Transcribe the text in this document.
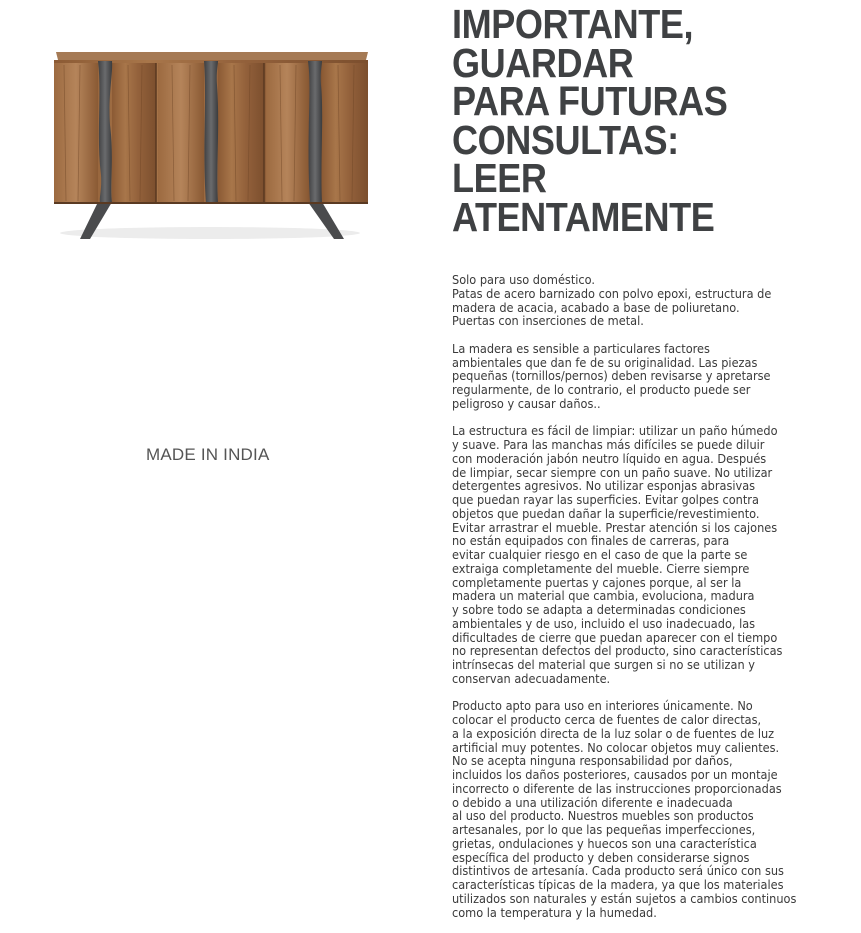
MADE IN INDIA
IMPORTANTE,
GUARDAR
PARA FUTURAS
CONSULTAS:
LEER
ATENTAMENTE

Solo para uso doméstico.
Patas de acero barnizado con polvo epoxi, estructura de
madera de acacia, acabado a base de poliuretano.
Puertas con inserciones de metal.

La madera es sensible a particulares factores
ambientales que dan fe de su originalidad. Las piezas
pequeñas (tornillos/pernos) deben revisarse y apretarse
regularmente, de lo contrario, el producto puede ser
peligroso y causar daños..

La estructura es fácil de limpiar: utilizar un paño húmedo
y suave. Para las manchas más difíciles se puede diluir
con moderación jabón neutro líquido en agua. Después
de limpiar, secar siempre con un paño suave. No utilizar
detergentes agresivos. No utilizar esponjas abrasivas
que puedan rayar las superficies. Evitar golpes contra
objetos que puedan dañar la superficie/revestimiento.
Evitar arrastrar el mueble. Prestar atención si los cajones
no están equipados con finales de carreras, para
evitar cualquier riesgo en el caso de que la parte se
extraiga completamente del mueble. Cierre siempre
completamente puertas y cajones porque, al ser la
madera un material que cambia, evoluciona, madura
y sobre todo se adapta a determinadas condiciones
ambientales y de uso, incluido el uso inadecuado, las
dificultades de cierre que puedan aparecer con el tiempo
no representan defectos del producto, sino características
intrínsecas del material que surgen si no se utilizan y
conservan adecuadamente.

Producto apto para uso en interiores únicamente. No
colocar el producto cerca de fuentes de calor directas,
a la exposición directa de la luz solar o de fuentes de luz
artificial muy potentes. No colocar objetos muy calientes.
No se acepta ninguna responsabilidad por daños,
incluidos los daños posteriores, causados por un montaje
incorrecto o diferente de las instrucciones proporcionadas
o debido a una utilización diferente e inadecuada
al uso del producto. Nuestros muebles son productos
artesanales, por lo que las pequeñas imperfecciones,
grietas, ondulaciones y huecos son una característica
específica del producto y deben considerarse signos
distintivos de artesanía. Cada producto será único con sus
características típicas de la madera, ya que los materiales
utilizados son naturales y están sujetos a cambios continuos
como la temperatura y la humedad.
